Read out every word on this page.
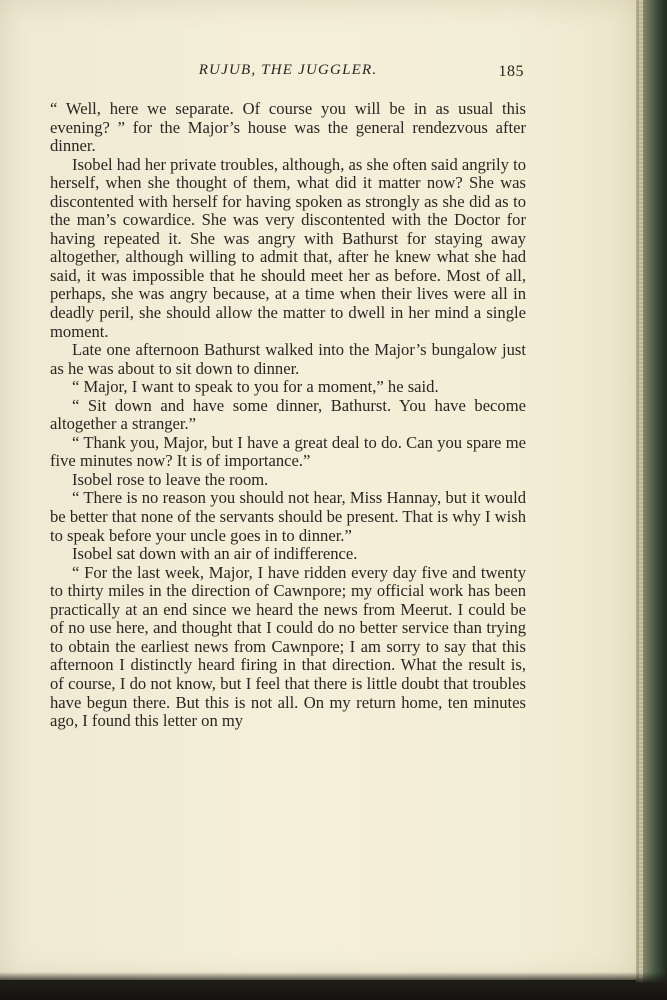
RUJUB, THE JUGGLER.	185

“ Well, here we separate. Of course you will be in as usual this evening? ” for the Major’s house was the general rendezvous after dinner.

Isobel had her private troubles, although, as she often said angrily to herself, when she thought of them, what did it matter now? She was discontented with herself for having spoken as strongly as she did as to the man’s cowardice. She was very discontented with the Doctor for having repeated it. She was angry with Bathurst for staying away altogether, although willing to admit that, after he knew what she had said, it was impossible that he should meet her as before. Most of all, perhaps, she was angry because, at a time when their lives were all in deadly peril, she should allow the matter to dwell in her mind a single moment.

Late one afternoon Bathurst walked into the Major’s bungalow just as he was about to sit down to dinner.

“ Major, I want to speak to you for a moment,” he said.

“ Sit down and have some dinner, Bathurst. You have become altogether a stranger.”

“ Thank you, Major, but I have a great deal to do. Can you spare me five minutes now? It is of importance.”

Isobel rose to leave the room.

“ There is no reason you should not hear, Miss Hannay, but it would be better that none of the servants should be present. That is why I wish to speak before your uncle goes in to dinner.”

Isobel sat down with an air of indifference.

“ For the last week, Major, I have ridden every day five and twenty to thirty miles in the direction of Cawnpore; my official work has been practically at an end since we heard the news from Meerut. I could be of no use here, and thought that I could do no better service than trying to obtain the earliest news from Cawnpore; I am sorry to say that this afternoon I distinctly heard firing in that direction. What the result is, of course, I do not know, but I feel that there is little doubt that troubles have begun there. But this is not all. On my return home, ten minutes ago, I found this letter on my
